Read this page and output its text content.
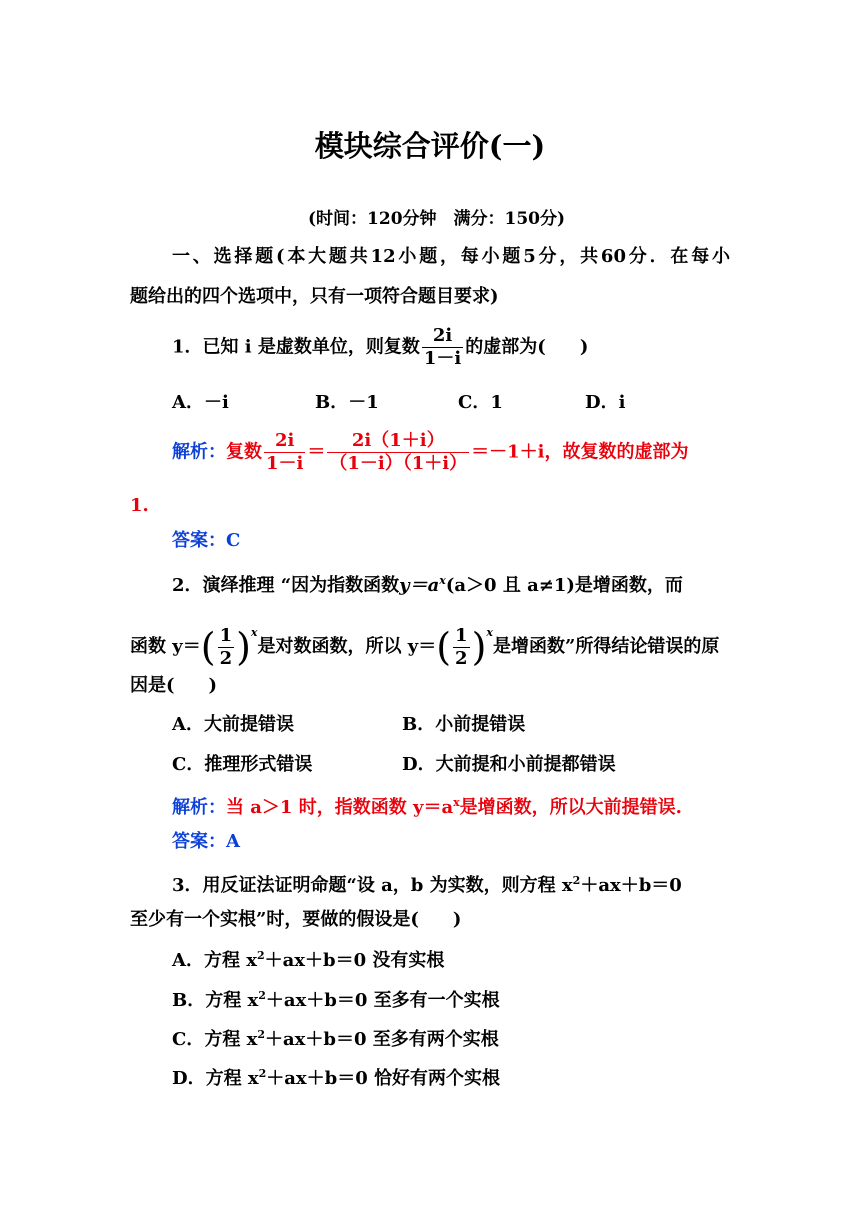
模块综合评价(一)
(时间：120分钟　满分：150分)
一、选择题(本大题共12小题，每小题5分，共60分．在每小
题给出的四个选项中，只有一项符合题目要求)
1．已知 i 是虚数单位，则复数 $\frac{2i}{1-i}$ 的虚部为( )
A．－i	B．－1	C．1	D．i
解析：复数 $\frac{2i}{1-i} = \frac{2i(1+i)}{(1-i)(1+i)} =-1+i$，故复数的虚部为
1.
答案：C
2．演绎推理 “因为指数函数$y=a^x(a>0$ 且 a≠1)是增函数，而
函数 y＝ ( $\frac{1}{2}$ ) $^x$是对数函数，所以 y＝ ( $\frac{1}{2}$ ) $^x$是增函数”所得结论错误的原
因是( )
A．大前提错误	B．小前提错误
C．推理形式错误	D．大前提和小前提都错误
解析：当 a＞1 时，指数函数 $y=a^x$是增函数，所以大前提错误.
答案：A
3．用反证法证明命题“设 a，b 为实数，则方程 $x^2+ax+b=0$
至少有一个实根”时，要做的假设是( )
A．方程 $x^2+ax+b=0$ 没有实根
B．方程 $x^2+ax+b=0$ 至多有一个实根
C．方程 $x^2+ax+b=0$ 至多有两个实根
D．方程 $x^2+ax+b=0$ 恰好有两个实根
